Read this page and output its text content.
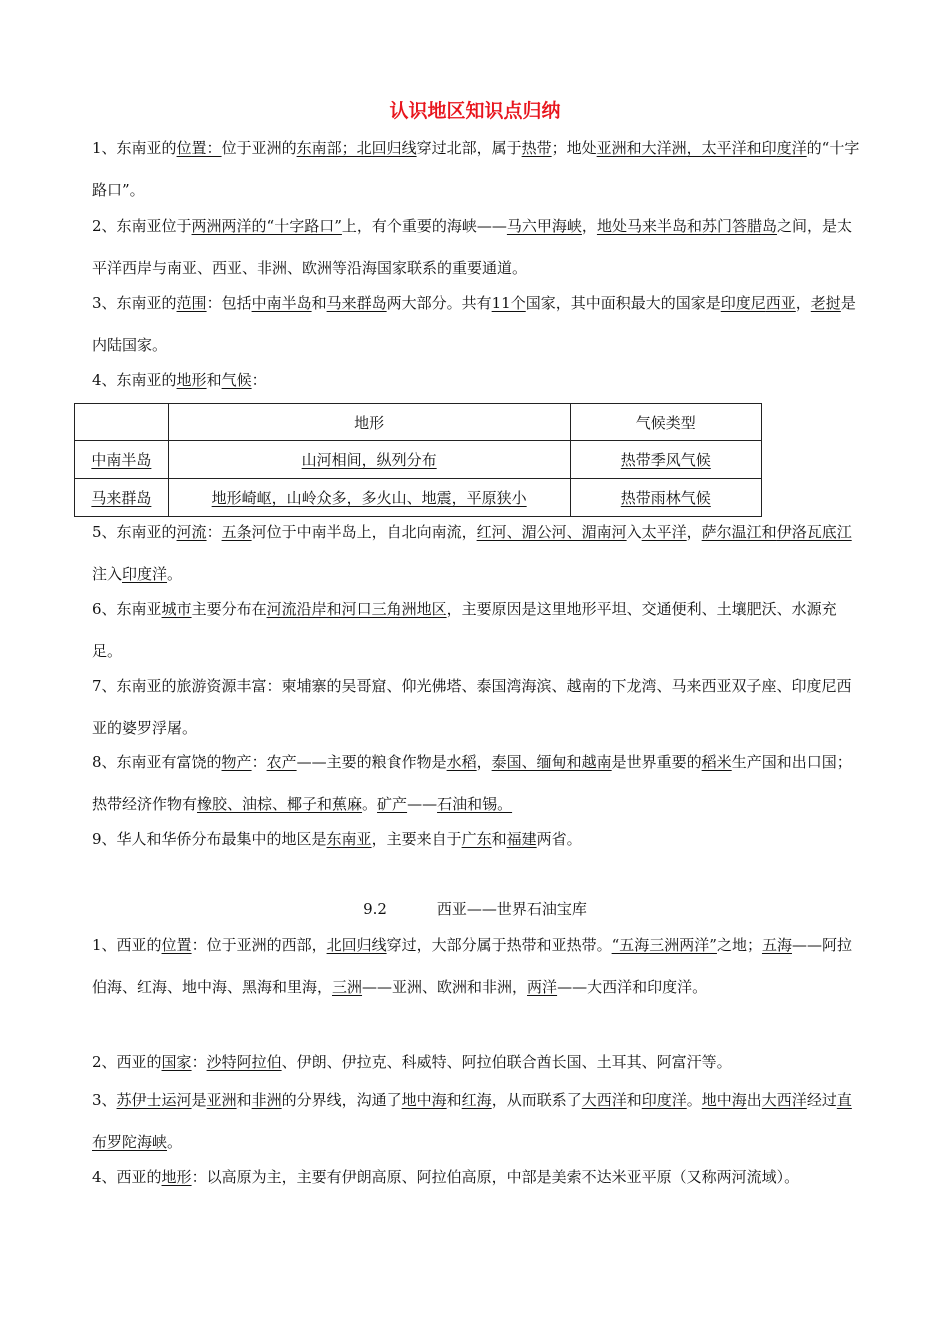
认识地区知识点归纳

1、东南亚的位置：位于亚洲的东南部；北回归线穿过北部，属于热带；地处亚洲和大洋洲，太平洋和印度洋的“十字路口”。

2、东南亚位于两洲两洋的“十字路口”上，有个重要的海峡——马六甲海峡，地处马来半岛和苏门答腊岛之间，是太平洋西岸与南亚、西亚、非洲、欧洲等沿海国家联系的重要通道。

3、东南亚的范围：包括中南半岛和马来群岛两大部分。共有11个国家，其中面积最大的国家是印度尼西亚，老挝是内陆国家。

4、东南亚的地形和气候：

	地形	气候类型
中南半岛	山河相间，纵列分布	热带季风气候
马来群岛	地形崎岖，山岭众多，多火山、地震，平原狭小	热带雨林气候

5、东南亚的河流：五条河位于中南半岛上，自北向南流，红河、湄公河、湄南河入太平洋，萨尔温江和伊洛瓦底江注入印度洋。

6、东南亚城市主要分布在河流沿岸和河口三角洲地区，主要原因是这里地形平坦、交通便利、土壤肥沃、水源充足。

7、东南亚的旅游资源丰富：柬埔寨的吴哥窟、仰光佛塔、泰国湾海滨、越南的下龙湾、马来西亚双子座、印度尼西亚的婆罗浮屠。

8、东南亚有富饶的物产：农产——主要的粮食作物是水稻，泰国、缅甸和越南是世界重要的稻米生产国和出口国；热带经济作物有橡胶、油棕、椰子和蕉麻。矿产——石油和锡。

9、华人和华侨分布最集中的地区是东南亚，主要来自于广东和福建两省。

9.2	西亚——世界石油宝库

1、西亚的位置：位于亚洲的西部，北回归线穿过，大部分属于热带和亚热带。“五海三洲两洋”之地；五海——阿拉伯海、红海、地中海、黑海和里海，三洲——亚洲、欧洲和非洲，两洋——大西洋和印度洋。

2、西亚的国家：沙特阿拉伯、伊朗、伊拉克、科威特、阿拉伯联合酋长国、土耳其、阿富汗等。

3、苏伊士运河是亚洲和非洲的分界线，沟通了地中海和红海，从而联系了大西洋和印度洋。地中海出大西洋经过直布罗陀海峡。

4、西亚的地形：以高原为主，主要有伊朗高原、阿拉伯高原，中部是美索不达米亚平原（又称两河流域）。
